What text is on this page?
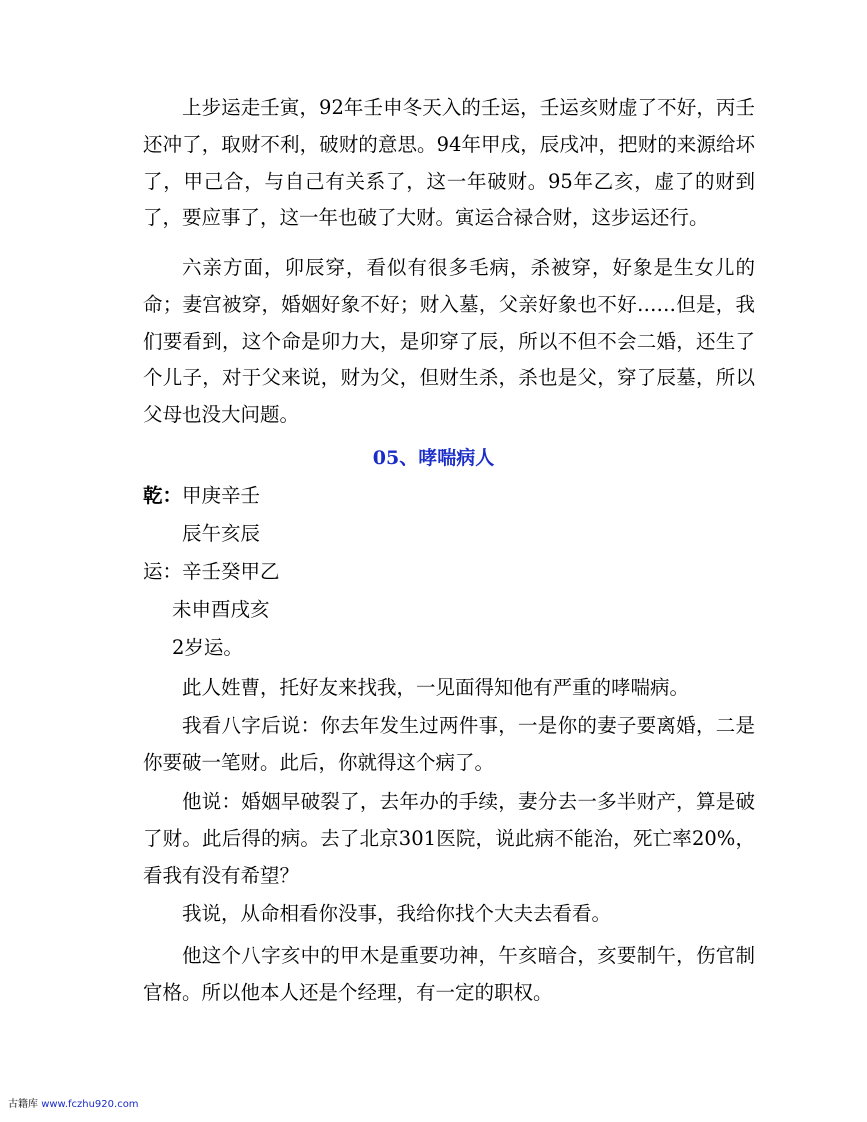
上步运走壬寅，92年壬申冬天入的壬运，壬运亥财虚了不好，丙壬还冲了，取财不利，破财的意思。94年甲戌，辰戌冲，把财的来源给坏了，甲己合，与自己有关系了，这一年破财。95年乙亥，虚了的财到了，要应事了，这一年也破了大财。寅运合禄合财，这步运还行。

六亲方面，卯辰穿，看似有很多毛病，杀被穿，好象是生女儿的命；妻宫被穿，婚姻好象不好；财入墓，父亲好象也不好……但是，我们要看到，这个命是卯力大，是卯穿了辰，所以不但不会二婚，还生了个儿子，对于父来说，财为父，但财生杀，杀也是父，穿了辰墓，所以父母也没大问题。

05、哮喘病人

乾：甲庚辛壬

辰午亥辰

运：辛壬癸甲乙

未申酉戌亥

2岁运。

此人姓曹，托好友来找我，一见面得知他有严重的哮喘病。

我看八字后说：你去年发生过两件事，一是你的妻子要离婚，二是你要破一笔财。此后，你就得这个病了。

他说：婚姻早破裂了，去年办的手续，妻分去一多半财产，算是破了财。此后得的病。去了北京301医院，说此病不能治，死亡率20%，看我有没有希望？

我说，从命相看你没事，我给你找个大夫去看看。

他这个八字亥中的甲木是重要功神，午亥暗合，亥要制午，伤官制官格。所以他本人还是个经理，有一定的职权。

古籍库 www.fczhu920.com
